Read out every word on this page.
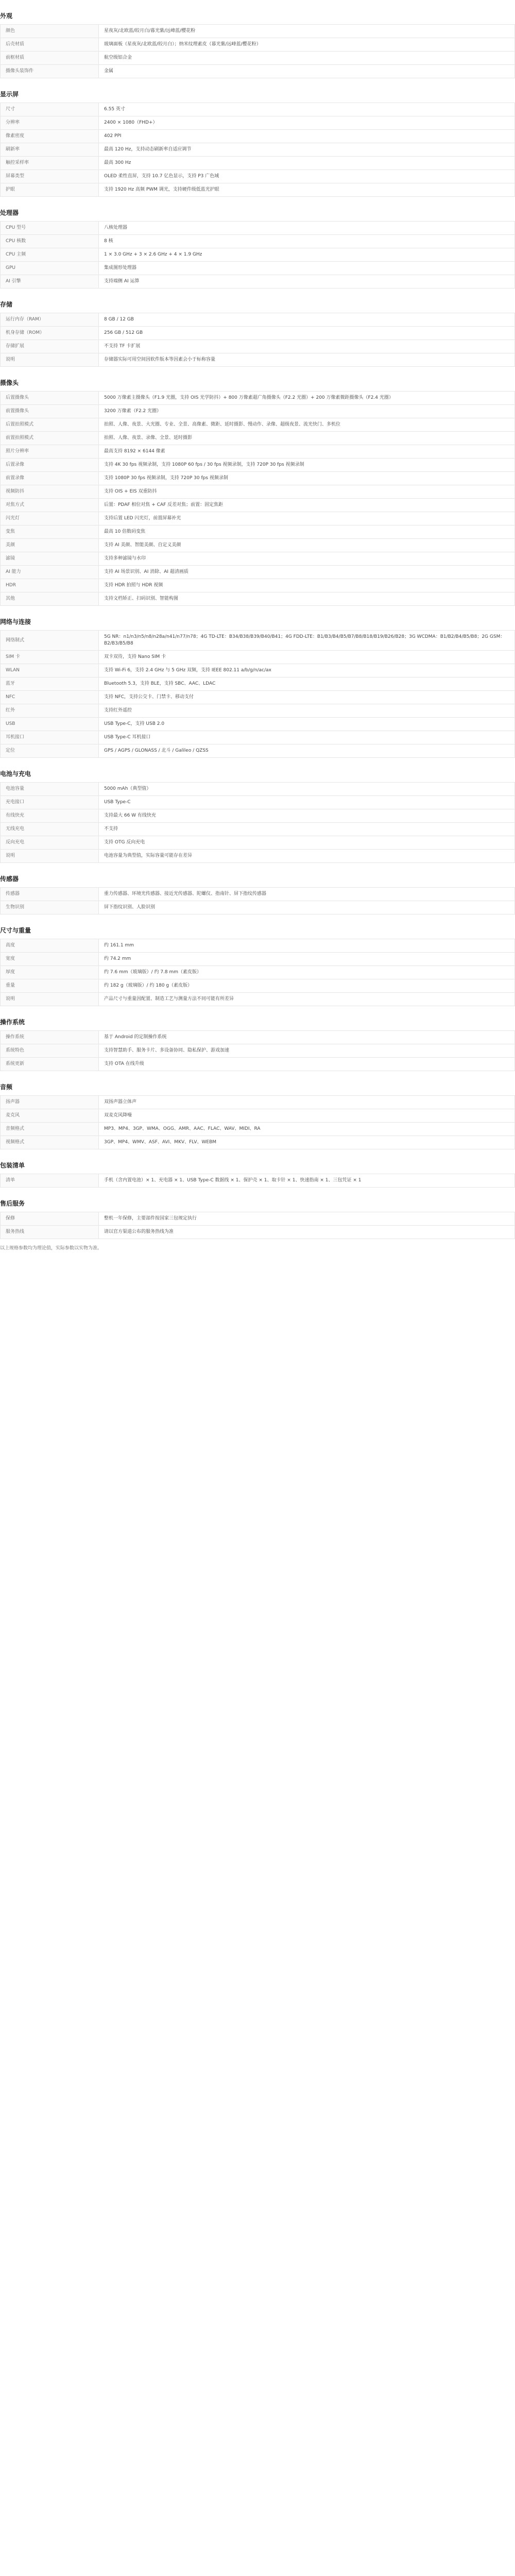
外观
颜色	星夜灰/北欧蓝/皎月白/暮光紫/远峰蓝/樱花粉
后壳材质	玻璃面板（星夜灰/北欧蓝/皎月白）；纳米纹理素皮（暮光紫/远峰蓝/樱花粉）
前框材质	航空级铝合金
摄像头装饰件	金属
显示屏
尺寸	6.55 英寸
分辨率	2400 × 1080（FHD+）
像素密度	402 PPI
刷新率	最高 120 Hz，支持动态刷新率自适应调节
触控采样率	最高 300 Hz
屏幕类型	OLED 柔性直屏，支持 10.7 亿色显示，支持 P3 广色域
护眼	支持 1920 Hz 高频 PWM 调光，支持硬件级低蓝光护眼
处理器
CPU 型号	八核处理器
CPU 核数	8 核
CPU 主频	1 × 3.0 GHz + 3 × 2.6 GHz + 4 × 1.9 GHz
GPU	集成图形处理器
AI 引擎	支持端侧 AI 运算
存储
运行内存（RAM）	8 GB / 12 GB
机身存储（ROM）	256 GB / 512 GB
存储扩展	不支持 TF 卡扩展
说明	存储器实际可用空间因软件版本等因素会小于标称容量
摄像头
后置摄像头	5000 万像素主摄像头（F1.9 光圈，支持 OIS 光学防抖）+ 800 万像素超广角摄像头（F2.2 光圈）+ 200 万像素微距摄像头（F2.4 光圈）
前置摄像头	3200 万像素（F2.2 光圈）
后置拍照模式	拍照、人像、夜景、大光圈、专业、全景、高像素、微距、延时摄影、慢动作、录像、超级夜景、流光快门、多机位
前置拍照模式	拍照、人像、夜景、录像、全景、延时摄影
照片分辨率	最高支持 8192 × 6144 像素
后置录像	支持 4K 30 fps 视频录制，支持 1080P 60 fps / 30 fps 视频录制，支持 720P 30 fps 视频录制
前置录像	支持 1080P 30 fps 视频录制，支持 720P 30 fps 视频录制
视频防抖	支持 OIS + EIS 双重防抖
对焦方式	后置：PDAF 相位对焦 + CAF 反差对焦；前置：固定焦距
闪光灯	支持后置 LED 闪光灯，前置屏幕补光
变焦	最高 10 倍数码变焦
美颜	支持 AI 美颜、智能美颜、自定义美颜
滤镜	支持多种滤镜与水印
AI 能力	支持 AI 场景识别、AI 消除、AI 超清画质
HDR	支持 HDR 拍照与 HDR 视频
其他	支持文档矫正、扫码识别、智能构图
网络与连接
网络制式	5G NR：n1/n3/n5/n8/n28a/n41/n77/n78；4G TD-LTE：B34/B38/B39/B40/B41；4G FDD-LTE：B1/B3/B4/B5/B7/B8/B18/B19/B26/B28；3G WCDMA：B1/B2/B4/B5/B8；2G GSM：B2/B3/B5/B8
SIM 卡	双卡双待，支持 Nano SIM 卡
WLAN	支持 Wi-Fi 6，支持 2.4 GHz 与 5 GHz 双频，支持 IEEE 802.11 a/b/g/n/ac/ax
蓝牙	Bluetooth 5.3，支持 BLE，支持 SBC、AAC、LDAC
NFC	支持 NFC，支持公交卡、门禁卡、移动支付
红外	支持红外遥控
USB	USB Type-C，支持 USB 2.0
耳机接口	USB Type-C 耳机接口
定位	GPS / AGPS / GLONASS / 北斗 / Galileo / QZSS
电池与充电
电池容量	5000 mAh（典型值）
充电接口	USB Type-C
有线快充	支持最大 66 W 有线快充
无线充电	不支持
反向充电	支持 OTG 反向充电
说明	电池容量为典型值，实际容量可能存在差异
传感器
传感器	重力传感器、环境光传感器、接近光传感器、陀螺仪、指南针、屏下指纹传感器
生物识别	屏下指纹识别、人脸识别
尺寸与重量
高度	约 161.1 mm
宽度	约 74.2 mm
厚度	约 7.6 mm（玻璃版）/ 约 7.8 mm（素皮版）
重量	约 182 g（玻璃版）/ 约 180 g（素皮版）
说明	产品尺寸与重量因配置、制造工艺与测量方法不同可能有所差异
操作系统
操作系统	基于 Android 的定制操作系统
系统特色	支持智慧助手、服务卡片、多设备协同、隐私保护、游戏加速
系统更新	支持 OTA 在线升级
音频
扬声器	双扬声器立体声
麦克风	双麦克风降噪
音频格式	MP3、MP4、3GP、WMA、OGG、AMR、AAC、FLAC、WAV、MIDI、RA
视频格式	3GP、MP4、WMV、ASF、AVI、MKV、FLV、WEBM
包装清单
清单	手机（含内置电池）× 1、充电器 × 1、USB Type-C 数据线 × 1、保护壳 × 1、取卡针 × 1、快速指南 × 1、三包凭证 × 1
售后服务
保修	整机一年保修，主要部件按国家三包规定执行
服务热线	请以官方渠道公布的服务热线为准
以上规格参数均为理论值，实际参数以实物为准。
